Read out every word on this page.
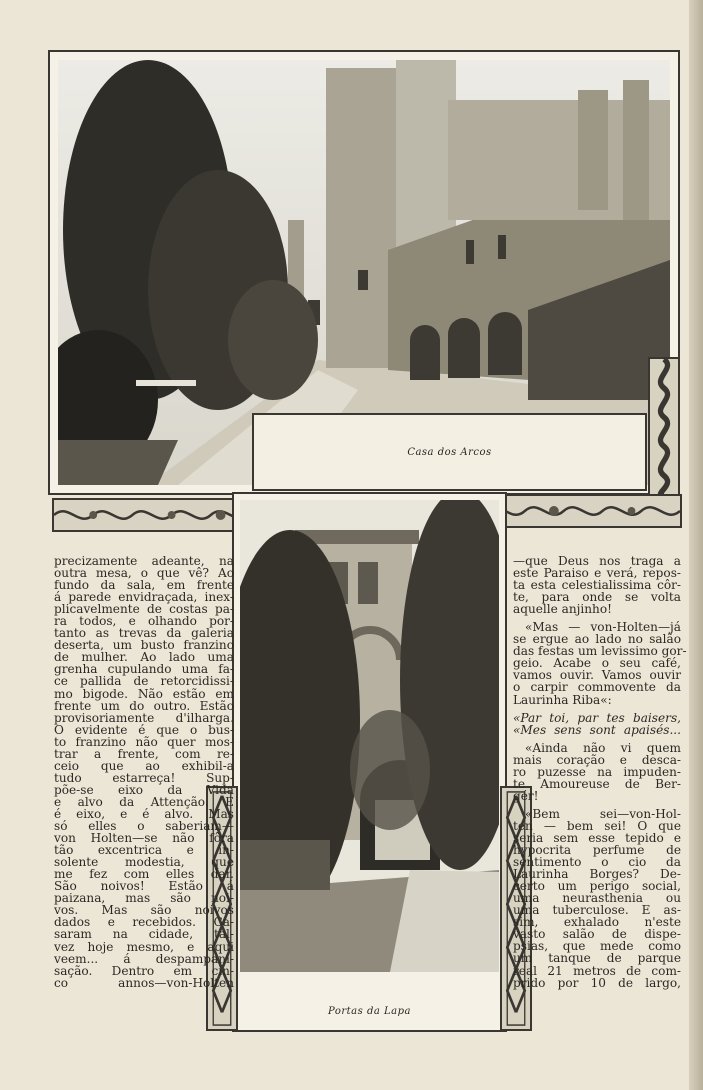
Casa dos Arcos
Portas da Lapa
precizamente adeante, na
outra mesa, o que vê? Ao
fundo da sala, em frente
á parede envidraçada, inex-
plicavelmente de costas pa-
ra todos, e olhando por-
tanto as trevas da galeria
deserta, um busto franzino
de mulher. Ao lado uma
grenha cupulando uma fa-
ce pallida de retorcidissi-
mo bigode. Não estão em
frente um do outro. Estão
provisoriamente d'ilharga.
O evidente é que o bus-
to franzino não quer mos-
trar a frente, com re-
ceio que ao exhibil-a
tudo estarreça! Sup-
põe-se eixo da Vida
e alvo da Attenção. E
é eixo, e é alvo. Mas
só elles o saberiam—
von Holten—se não fôra
tão excentrica e in-
solente modestia, que
me fez com elles dar.
São noivos! Estão á
paizana, mas são noi-
vos. Mas são noivos
dados e recebidos. Ca-
saram na cidade, tal-
vez hoje mesmo, e aqui
veem... á despampani-
sação. Dentro em cin-
co annos—von-Holten
—que Deus nos traga a
este Paraiso e verá, repos-
ta esta celestialissima côr-
te, para onde se volta
aquelle anjinho!
«Mas — von-Holten—já
se ergue ao lado no salão
das festas um levissimo gor-
geio. Acabe o seu café,
vamos ouvir. Vamos ouvir
o carpir commovente da
Laurinha Riba«:
«Par toi, par tes baisers,
«Mes sens sont apaisés...
«Ainda não vi quem
mais coração e desca-
ro puzesse na impuden-
te Amoureuse de Ber-
gér!
«Bem sei—von-Hol-
ten — bem sei! O que
seria sem esse tepido e
hypocrita perfume de
sentimento o cio da
Laurinha Borges? De-
certo um perigo social,
uma neurasthenia ou
uma tuberculose. E as-
sim, exhalado n'este
vasto salão de dispe-
psias, que mede como
um tanque de parque
real 21 metros de com-
prido por 10 de largo,
